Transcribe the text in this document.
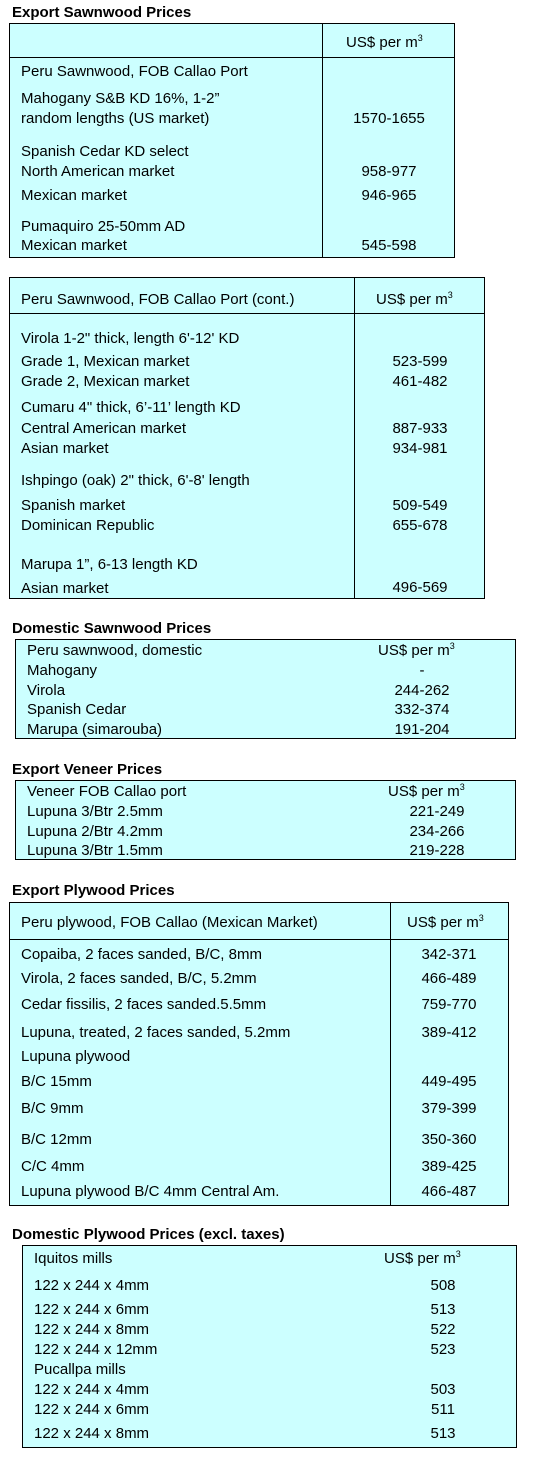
Export Sawnwood Prices
US$ per $m^3$
Peru Sawnwood, FOB Callao Port
Mahogany S&B KD 16%, 1-2”
random lengths (US market)	1570-1655
Spanish Cedar KD select
North American market	958-977
Mexican market	946-965
Pumaquiro 25-50mm AD
Mexican market	545-598
Peru Sawnwood, FOB Callao Port (cont.)	US$ per $m^3$
Virola 1-2" thick, length 6'-12' KD
Grade 1, Mexican market	523-599
Grade 2, Mexican market	461-482
Cumaru 4" thick, 6’-11’ length KD
Central American market	887-933
Asian market	934-981
Ishpingo (oak) 2" thick, 6'-8' length
Spanish market	509-549
Dominican Republic	655-678
Marupa 1”, 6-13 length KD
Asian market	496-569
Domestic Sawnwood Prices
Peru sawnwood, domestic	US$ per $m^3$
Mahogany	-
Virola	244-262
Spanish Cedar	332-374
Marupa (simarouba)	191-204
Export Veneer Prices
Veneer FOB Callao port	US$ per $m^3$
Lupuna 3/Btr 2.5mm	221-249
Lupuna 2/Btr 4.2mm	234-266
Lupuna 3/Btr 1.5mm	219-228
Export Plywood Prices
Peru plywood, FOB Callao (Mexican Market)	US$ per $m^3$
Copaiba, 2 faces sanded, B/C, 8mm	342-371
Virola, 2 faces sanded, B/C, 5.2mm	466-489
Cedar fissilis, 2 faces sanded.5.5mm	759-770
Lupuna, treated, 2 faces sanded, 5.2mm	389-412
Lupuna plywood
B/C 15mm	449-495
B/C 9mm	379-399
B/C 12mm	350-360
C/C 4mm	389-425
Lupuna plywood B/C 4mm Central Am.	466-487
Domestic Plywood Prices (excl. taxes)
Iquitos mills	US$ per $m^3$
122 x 244 x 4mm	508
122 x 244 x 6mm	513
122 x 244 x 8mm	522
122 x 244 x 12mm	523
Pucallpa mills
122 x 244 x 4mm	503
122 x 244 x 6mm	511
122 x 244 x 8mm	513
